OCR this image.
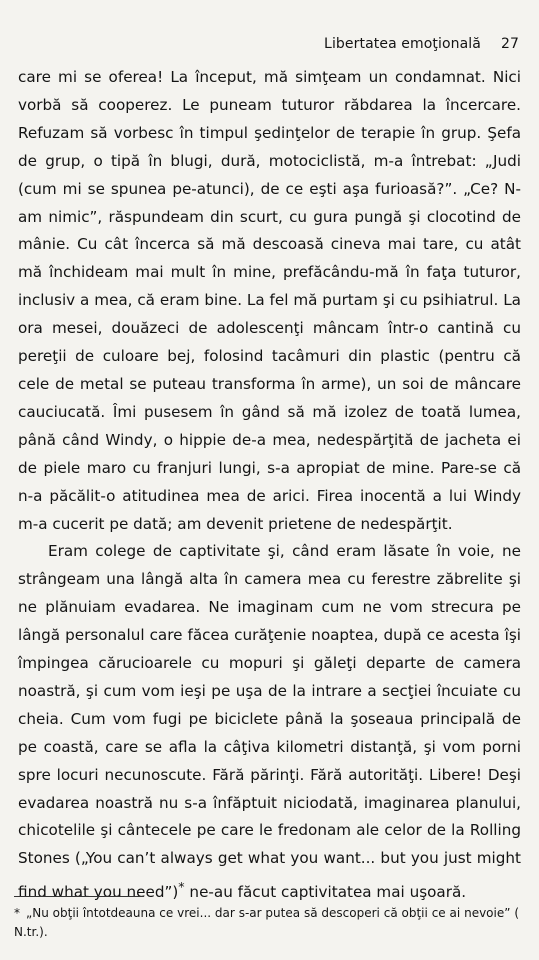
Libertatea emoţională 27

care mi se oferea! La început, mă simţeam un condamnat. Nici vorbă să cooperez. Le puneam tuturor răbdarea la încercare. Refuzam să vorbesc în timpul şedinţelor de terapie în grup. Şefa de grup, o tipă în blugi, dură, motociclistă, m-a întrebat: „Judi (cum mi se spunea pe-atunci), de ce eşti aşa furioasă?”. „Ce? N-am nimic”, răspundeam din scurt, cu gura pungă şi clocotind de mânie. Cu cât încerca să mă descoasă cineva mai tare, cu atât mă închideam mai mult în mine, prefăcându-mă în faţa tuturor, inclusiv a mea, că eram bine. La fel mă purtam şi cu psihiatrul. La ora mesei, douăzeci de adolescenţi mâncam într-o cantină cu pereţii de culoare bej, folosind tacâmuri din plastic (pentru că cele de metal se puteau transforma în arme), un soi de mâncare cauciucată. Îmi pusesem în gând să mă izolez de toată lumea, până când Windy, o hippie de-a mea, nedespărţită de jacheta ei de piele maro cu franjuri lungi, s-a apropiat de mine. Pare-se că n-a păcălit-o atitudinea mea de arici. Firea inocentă a lui Windy m-a cucerit pe dată; am devenit prietene de nedespărţit.

Eram colege de captivitate şi, când eram lăsate în voie, ne strângeam una lângă alta în camera mea cu ferestre zăbrelite şi ne plănuiam evadarea. Ne imaginam cum ne vom strecura pe lângă personalul care făcea curăţenie noaptea, după ce acesta îşi împingea cărucioarele cu mopuri şi găleţi departe de camera noastră, şi cum vom ieşi pe uşa de la intrare a secţiei încuiate cu cheia. Cum vom fugi pe biciclete până la şoseaua principală de pe coastă, care se afla la câţiva kilometri distanţă, şi vom porni spre locuri necunoscute. Fără părinţi. Fără autorităţi. Libere! Deşi evadarea noastră nu s-a înfăptuit niciodată, imaginarea planului, chicotelile şi cântecele pe care le fredonam ale celor de la Rolling Stones („You can’t always get what you want... but you just might find what you need”)* ne-au făcut captivitatea mai uşoară.

* „Nu obţii întotdeauna ce vrei... dar s-ar putea să descoperi că obţii ce ai nevoie” ( N.tr.).
